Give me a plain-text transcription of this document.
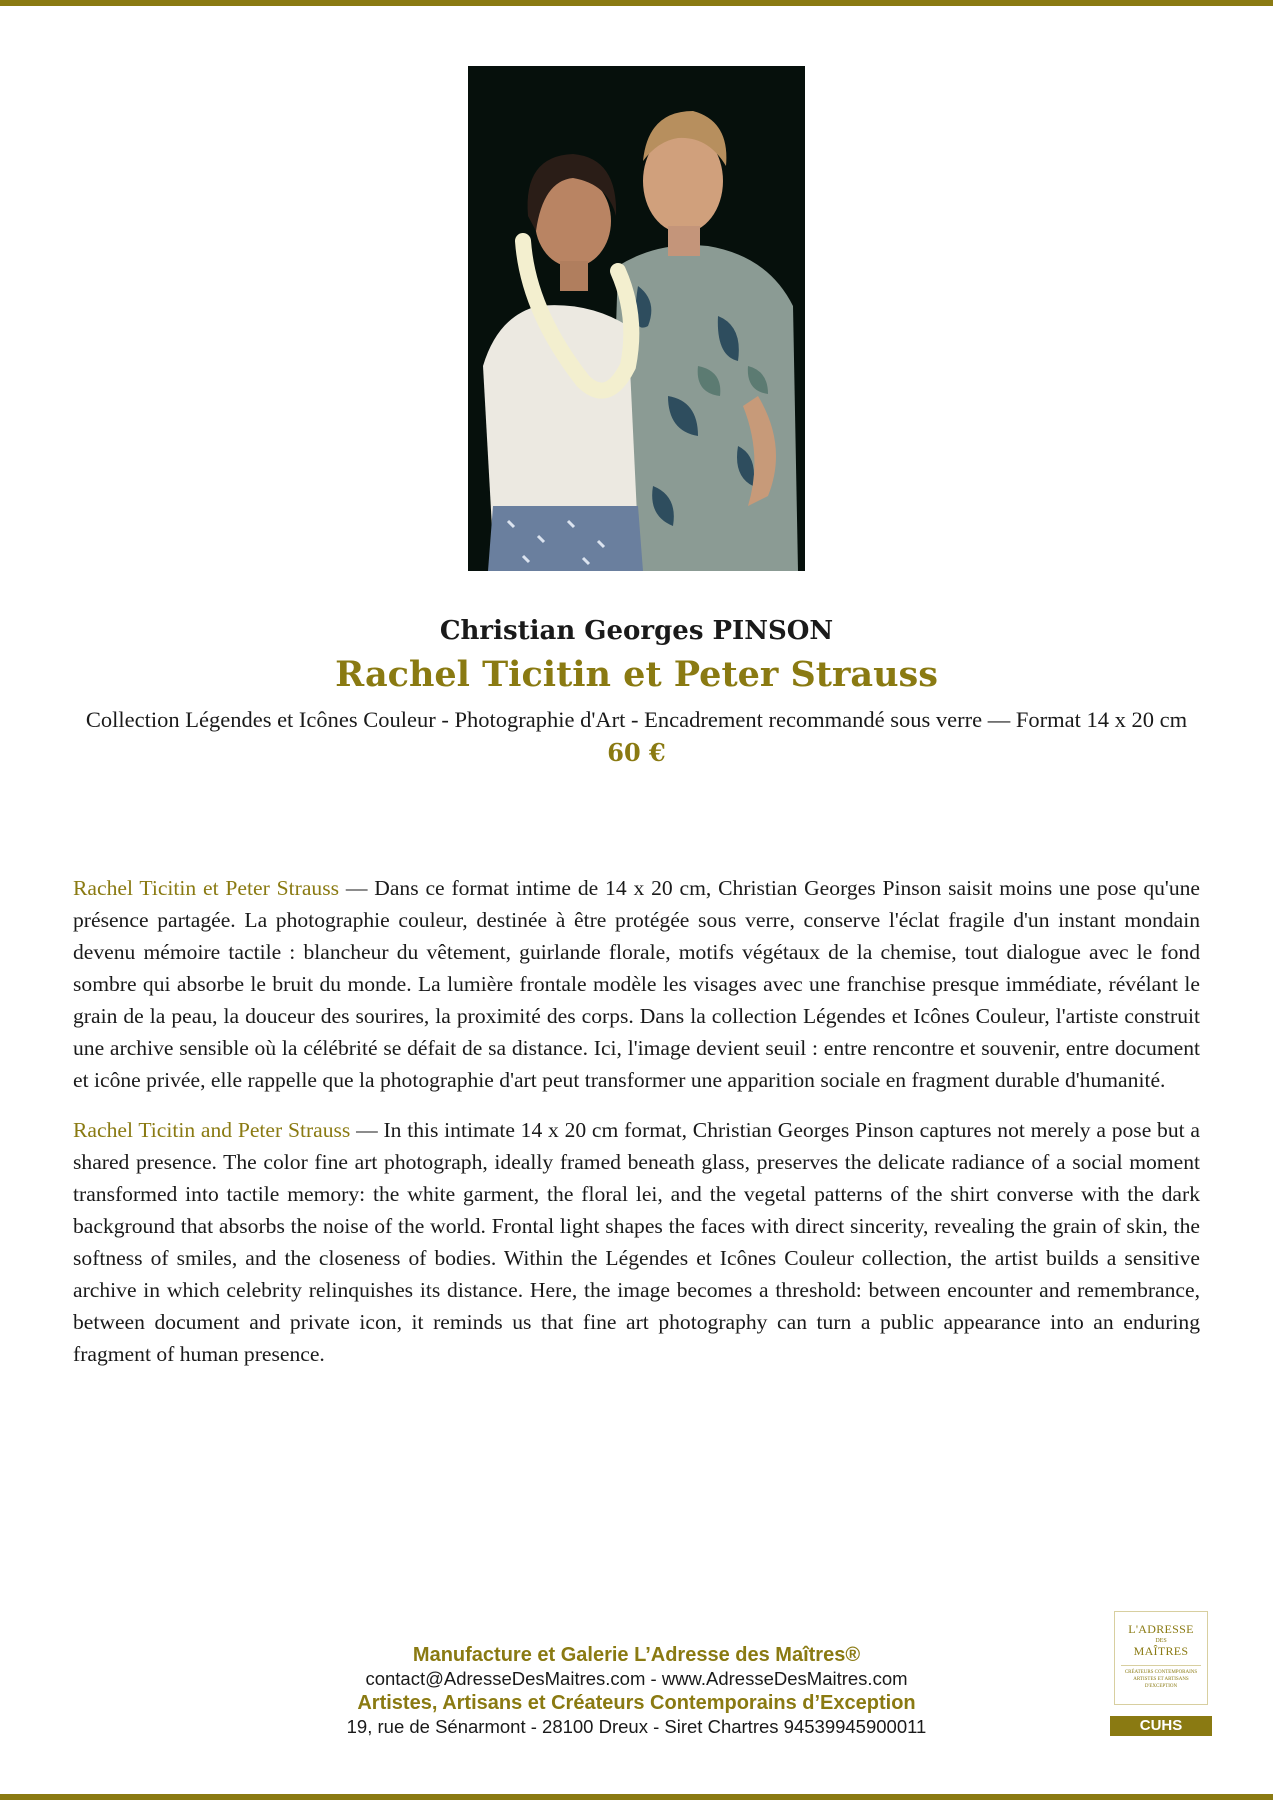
Christian Georges PINSON
Rachel Ticitin et Peter Strauss
Collection Légendes et Icônes Couleur - Photographie d'Art - Encadrement recommandé sous verre — Format 14 x 20 cm
60 €

Rachel Ticitin et Peter Strauss — Dans ce format intime de 14 x 20 cm, Christian Georges Pinson saisit moins une pose qu'une présence partagée. La photographie couleur, destinée à être protégée sous verre, conserve l'éclat fragile d'un instant mondain devenu mémoire tactile : blancheur du vêtement, guirlande florale, motifs végétaux de la chemise, tout dialogue avec le fond sombre qui absorbe le bruit du monde. La lumière frontale modèle les visages avec une franchise presque immédiate, révélant le grain de la peau, la douceur des sourires, la proximité des corps. Dans la collection Légendes et Icônes Couleur, l'artiste construit une archive sensible où la célébrité se défait de sa distance. Ici, l'image devient seuil : entre rencontre et souvenir, entre document et icône privée, elle rappelle que la photographie d'art peut transformer une apparition sociale en fragment durable d'humanité.

Rachel Ticitin and Peter Strauss — In this intimate 14 x 20 cm format, Christian Georges Pinson captures not merely a pose but a shared presence. The color fine art photograph, ideally framed beneath glass, preserves the delicate radiance of a social moment transformed into tactile memory: the white garment, the floral lei, and the vegetal patterns of the shirt converse with the dark background that absorbs the noise of the world. Frontal light shapes the faces with direct sincerity, revealing the grain of skin, the softness of smiles, and the closeness of bodies. Within the Légendes et Icônes Couleur collection, the artist builds a sensitive archive in which celebrity relinquishes its distance. Here, the image becomes a threshold: between encounter and remembrance, between document and private icon, it reminds us that fine art photography can turn a public appearance into an enduring fragment of human presence.

Manufacture et Galerie L’Adresse des Maîtres®
contact@AdresseDesMaitres.com - www.AdresseDesMaitres.com
Artistes, Artisans et Créateurs Contemporains d’Exception
19, rue de Sénarmont - 28100 Dreux - Siret Chartres 94539945900011
L'ADRESSE
DES
MAÎTRES
CRÉATEURS CONTEMPORAINS ARTISTES ET ARTISANS D'EXCEPTION
CUHS
